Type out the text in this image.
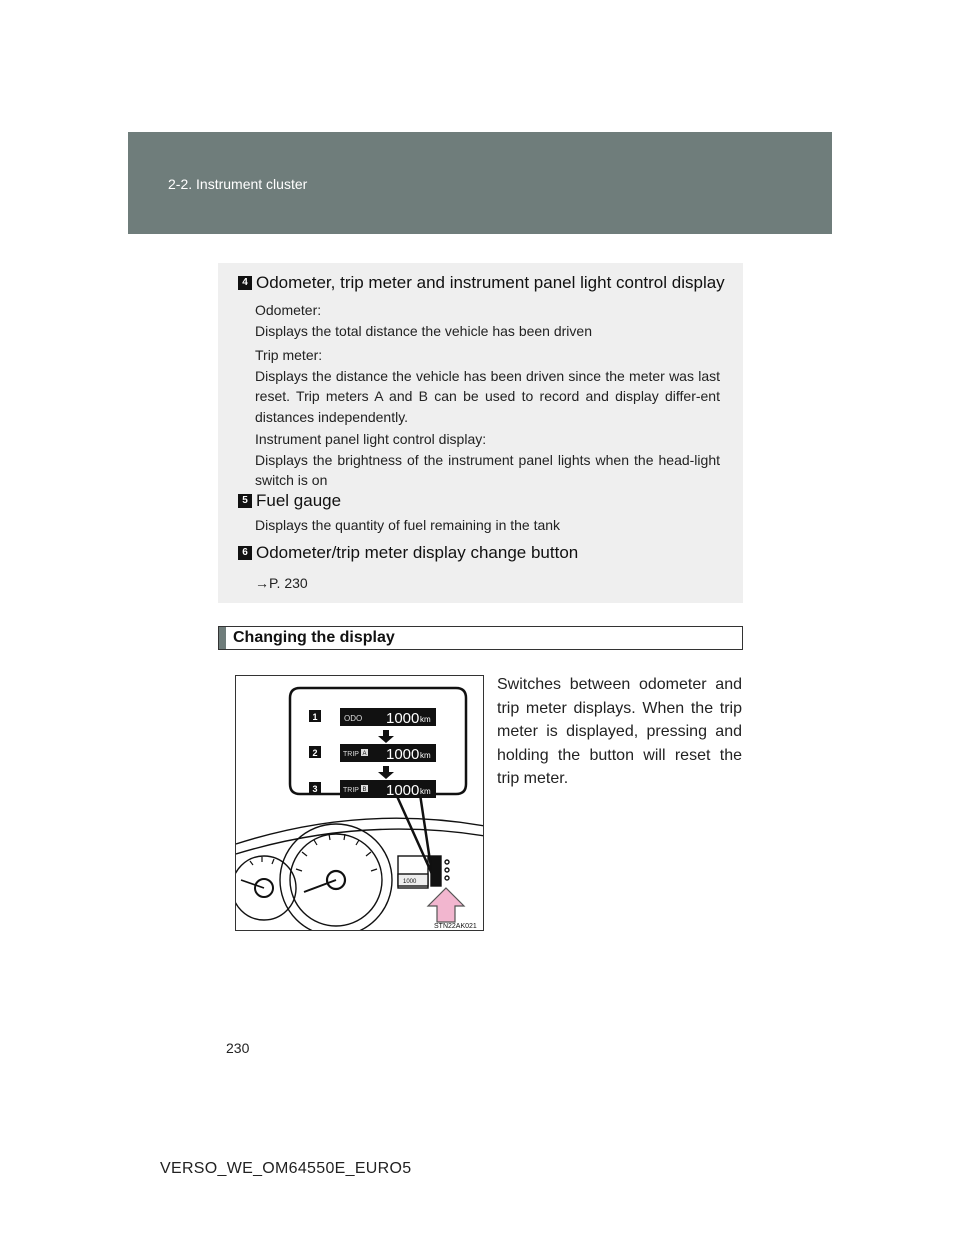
2-2. Instrument cluster
4 Odometer, trip meter and instrument panel light control display
Odometer:
Displays the total distance the vehicle has been driven
Trip meter:
Displays the distance the vehicle has been driven since the meter was last reset. Trip meters A and B can be used to record and display differ-ent distances independently.
Instrument panel light control display:
Displays the brightness of the instrument panel lights when the head-light switch is on
5 Fuel gauge
Displays the quantity of fuel remaining in the tank
6 Odometer/trip meter display change button
→P. 230
Changing the display
1
2
3
ODO 1000 km
TRIP A 1000 km
TRIP B 1000 km
1000
STN22AK021

Switches between odometer and trip meter displays. When the trip meter is displayed, pressing and holding the button will reset the trip meter.

230
VERSO_WE_OM64550E_EURO5
